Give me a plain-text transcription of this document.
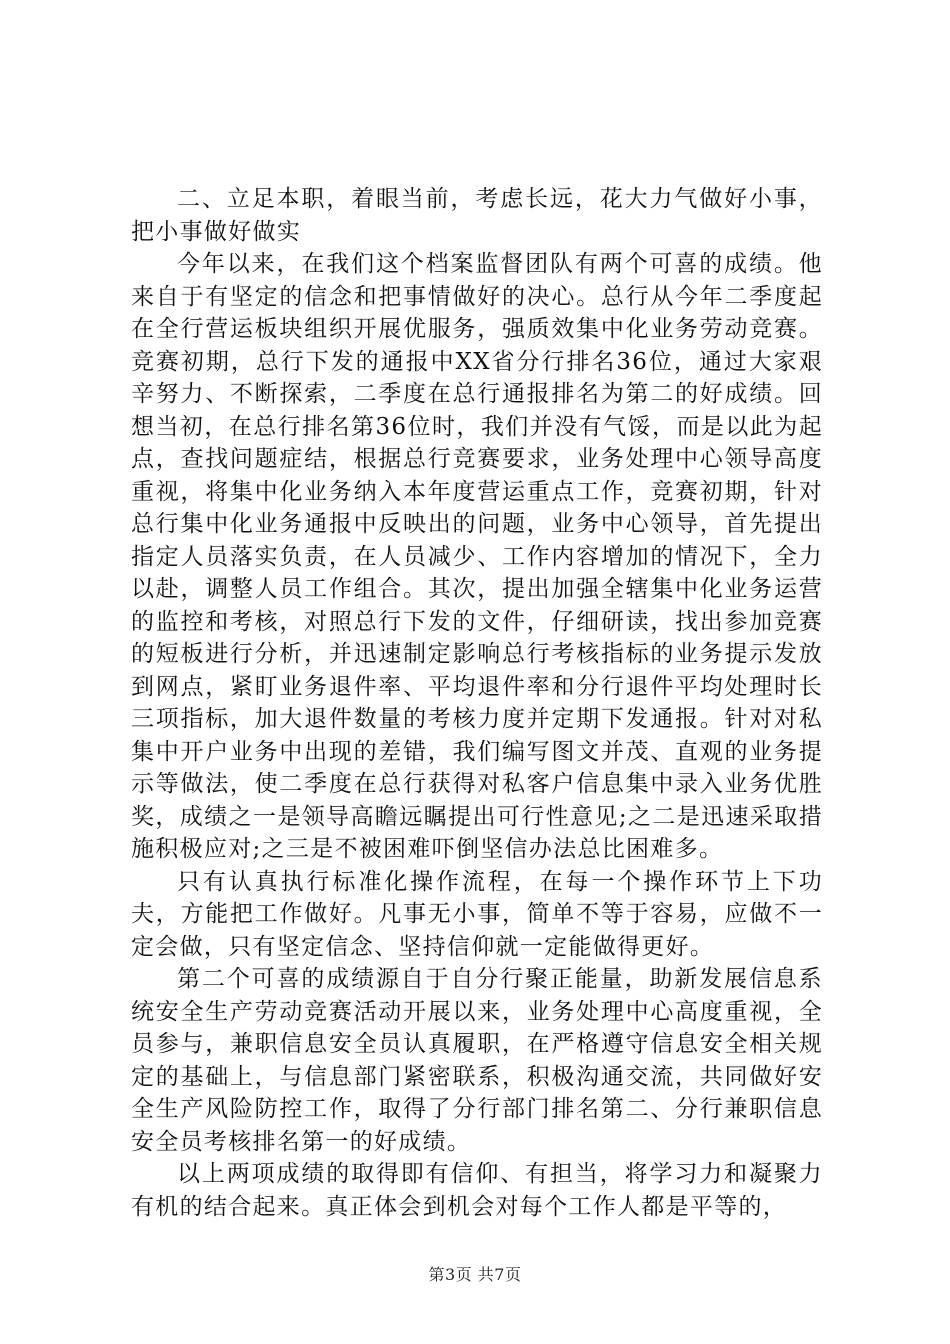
二、立足本职，着眼当前，考虑长远，花大力气做好小事，把小事做好做实

今年以来，在我们这个档案监督团队有两个可喜的成绩。他来自于有坚定的信念和把事情做好的决心。总行从今年二季度起在全行营运板块组织开展优服务，强质效集中化业务劳动竞赛。竞赛初期，总行下发的通报中XX省分行排名36位，通过大家艰辛努力、不断探索，二季度在总行通报排名为第二的好成绩。回想当初，在总行排名第36位时，我们并没有气馁，而是以此为起点，查找问题症结，根据总行竞赛要求，业务处理中心领导高度重视，将集中化业务纳入本年度营运重点工作，竞赛初期，针对总行集中化业务通报中反映出的问题，业务中心领导，首先提出指定人员落实负责，在人员减少、工作内容增加的情况下，全力以赴，调整人员工作组合。其次，提出加强全辖集中化业务运营的监控和考核，对照总行下发的文件，仔细研读，找出参加竞赛的短板进行分析，并迅速制定影响总行考核指标的业务提示发放到网点，紧盯业务退件率、平均退件率和分行退件平均处理时长三项指标，加大退件数量的考核力度并定期下发通报。针对对私集中开户业务中出现的差错，我们编写图文并茂、直观的业务提示等做法，使二季度在总行获得对私客户信息集中录入业务优胜奖，成绩之一是领导高瞻远瞩提出可行性意见;之二是迅速采取措施积极应对;之三是不被困难吓倒坚信办法总比困难多。

只有认真执行标准化操作流程，在每一个操作环节上下功夫，方能把工作做好。凡事无小事，简单不等于容易，应做不一定会做，只有坚定信念、坚持信仰就一定能做得更好。

第二个可喜的成绩源自于自分行聚正能量，助新发展信息系统安全生产劳动竞赛活动开展以来，业务处理中心高度重视，全员参与，兼职信息安全员认真履职，在严格遵守信息安全相关规定的基础上，与信息部门紧密联系，积极沟通交流，共同做好安全生产风险防控工作，取得了分行部门排名第二、分行兼职信息安全员考核排名第一的好成绩。

以上两项成绩的取得即有信仰、有担当，将学习力和凝聚力有机的结合起来。真正体会到机会对每个工作人都是平等的，

第3页 共7页
